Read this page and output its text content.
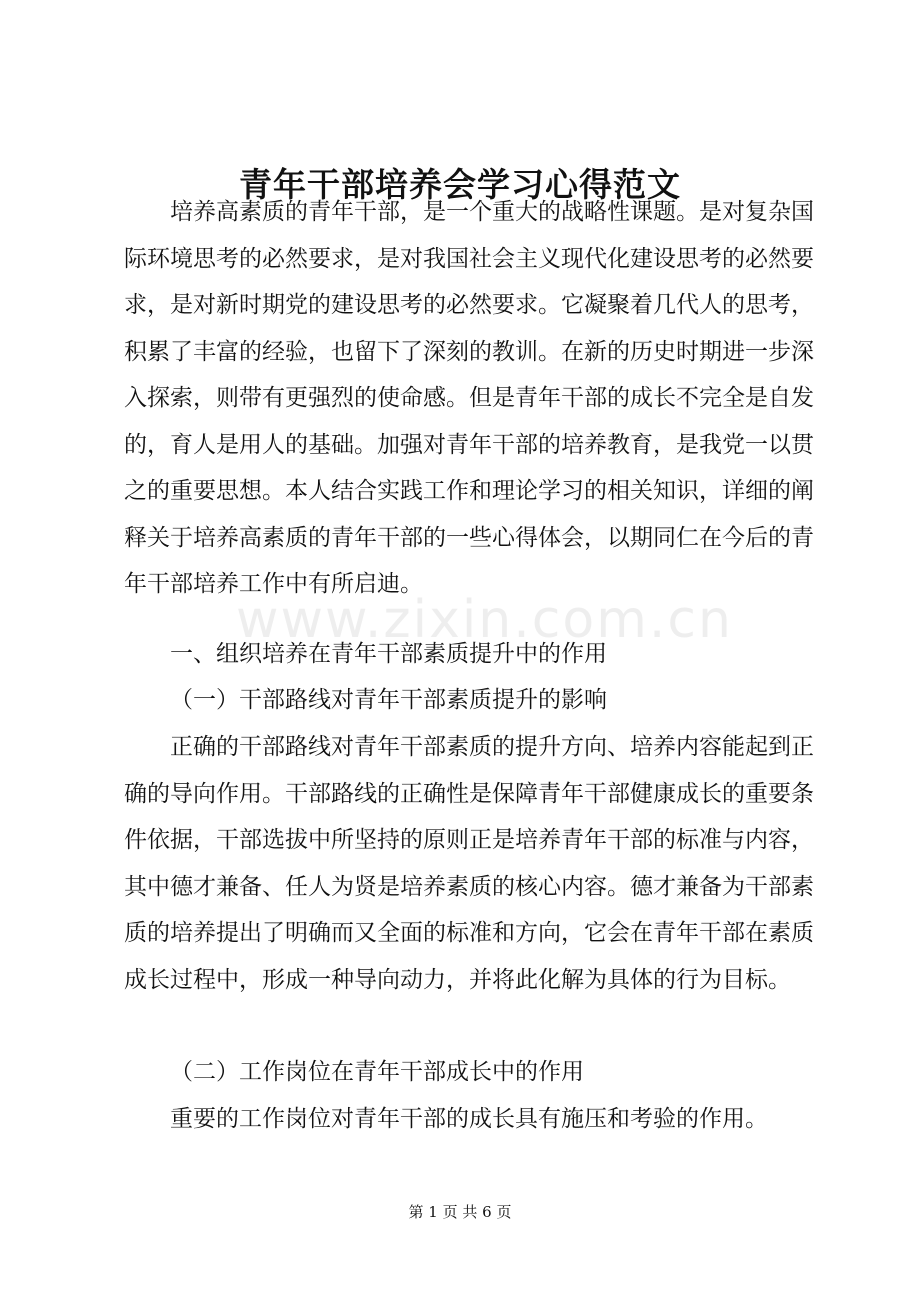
青年干部培养会学习心得范文
www.zixin.com.cn

培养高素质的青年干部，是一个重大的战略性课题。是对复杂国际环境思考的必然要求，是对我国社会主义现代化建设思考的必然要求，是对新时期党的建设思考的必然要求。它凝聚着几代人的思考，积累了丰富的经验，也留下了深刻的教训。在新的历史时期进一步深入探索，则带有更强烈的使命感。但是青年干部的成长不完全是自发的，育人是用人的基础。加强对青年干部的培养教育，是我党一以贯之的重要思想。本人结合实践工作和理论学习的相关知识，详细的阐释关于培养高素质的青年干部的一些心得体会，以期同仁在今后的青年干部培养工作中有所启迪。

一、组织培养在青年干部素质提升中的作用

（一）干部路线对青年干部素质提升的影响

正确的干部路线对青年干部素质的提升方向、培养内容能起到正确的导向作用。干部路线的正确性是保障青年干部健康成长的重要条件依据，干部选拔中所坚持的原则正是培养青年干部的标准与内容，其中德才兼备、任人为贤是培养素质的核心内容。德才兼备为干部素质的培养提出了明确而又全面的标准和方向，它会在青年干部在素质成长过程中，形成一种导向动力，并将此化解为具体的行为目标。

（二）工作岗位在青年干部成长中的作用

重要的工作岗位对青年干部的成长具有施压和考验的作用。

第 1 页 共 6 页
